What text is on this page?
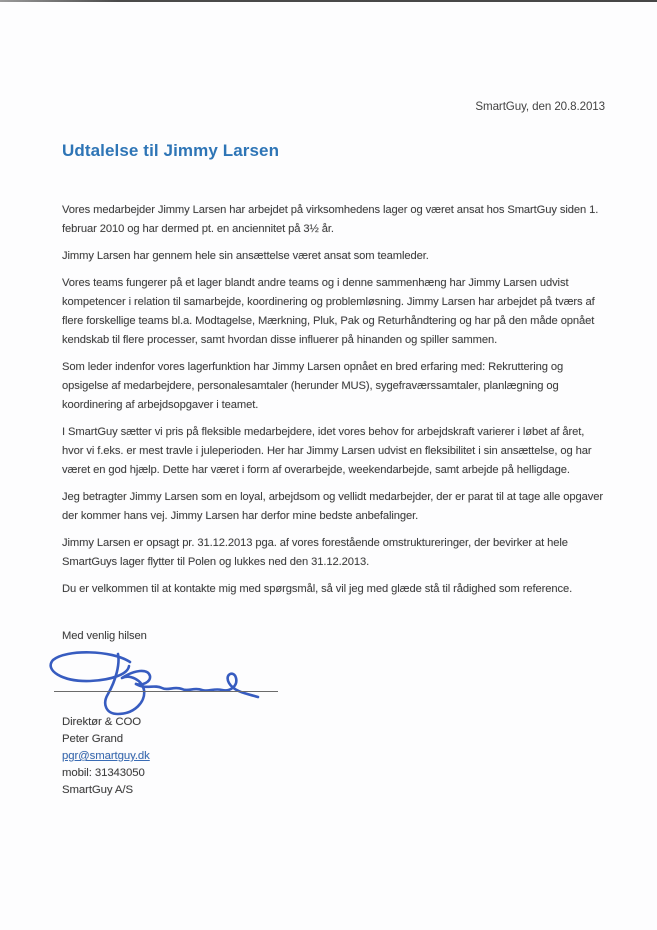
SmartGuy, den 20.8.2013
Udtalelse til Jimmy Larsen

Vores medarbejder Jimmy Larsen har arbejdet på virksomhedens lager og været ansat hos SmartGuy siden 1. februar 2010 og har dermed pt. en anciennitet på 3½ år.

Jimmy Larsen har gennem hele sin ansættelse været ansat som teamleder.

Vores teams fungerer på et lager blandt andre teams og i denne sammenhæng har Jimmy Larsen udvist kompetencer i relation til samarbejde, koordinering og problemløsning. Jimmy Larsen har arbejdet på tværs af flere forskellige teams bl.a. Modtagelse, Mærkning, Pluk, Pak og Returhåndtering og har på den måde opnået kendskab til flere processer, samt hvordan disse influerer på hinanden og spiller sammen.

Som leder indenfor vores lagerfunktion har Jimmy Larsen opnået en bred erfaring med: Rekruttering og opsigelse af medarbejdere, personalesamtaler (herunder MUS), sygefraværssamtaler, planlægning og koordinering af arbejdsopgaver i teamet.

I SmartGuy sætter vi pris på fleksible medarbejdere, idet vores behov for arbejdskraft varierer i løbet af året, hvor vi f.eks. er mest travle i juleperioden. Her har Jimmy Larsen udvist en fleksibilitet i sin ansættelse, og har været en god hjælp. Dette har været i form af overarbejde, weekendarbejde, samt arbejde på helligdage.

Jeg betragter Jimmy Larsen som en loyal, arbejdsom og vellidt medarbejder, der er parat til at tage alle opgaver der kommer hans vej. Jimmy Larsen har derfor mine bedste anbefalinger.

Jimmy Larsen er opsagt pr. 31.12.2013 pga. af vores forestående omstruktureringer, der bevirker at hele SmartGuys lager flytter til Polen og lukkes ned den 31.12.2013.

Du er velkommen til at kontakte mig med spørgsmål, så vil jeg med glæde stå til rådighed som reference.

Med venlig hilsen

Direktør & COO
Peter Grand
pgr@smartguy.dk
mobil: 31343050
SmartGuy A/S
